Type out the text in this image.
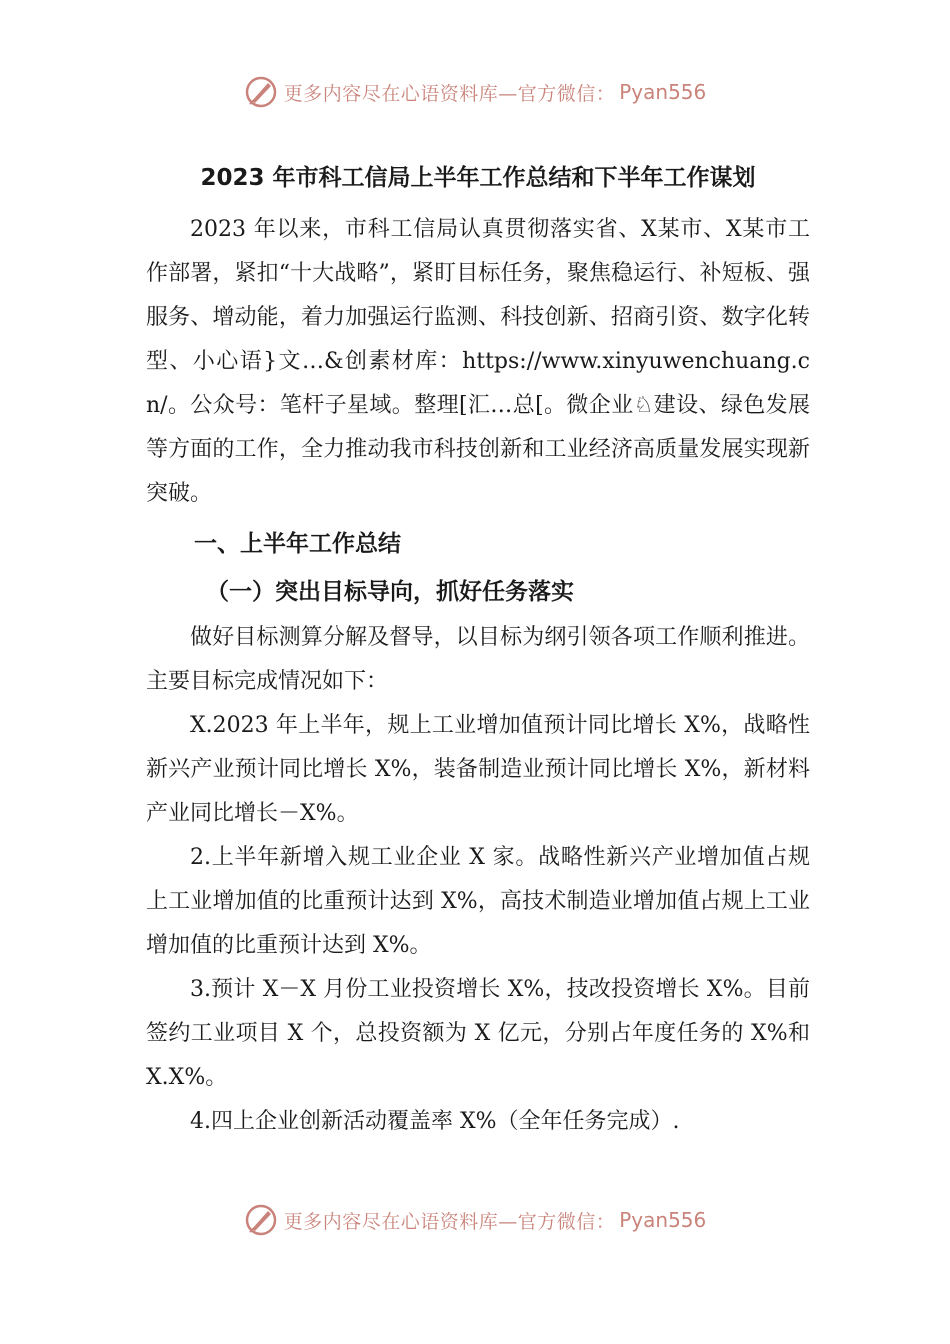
更多内容尽在心语资料库—官方微信： Pyan556
2023 年市科工信局上半年工作总结和下半年工作谋划

2023 年以来，市科工信局认真贯彻落实省、X某市、X某市工作部署，紧扣“十大战略”，紧盯目标任务，聚焦稳运行、补短板、强服务、增动能，着力加强运行监测、科技创新、招商引资、数字化转型、小心语}文…&创素材库：https://www.xinyuwenchuang.cn/。公众号：笔杆子星域。整理[汇…总[。微企业♘建设、绿色发展等方面的工作，全力推动我市科技创新和工业经济高质量发展实现新突破。

一、上半年工作总结
（一）突出目标导向，抓好任务落实

做好目标测算分解及督导，以目标为纲引领各项工作顺利推进。主要目标完成情况如下：

X.2023 年上半年，规上工业增加值预计同比增长 X%，战略性新兴产业预计同比增长 X%，装备制造业预计同比增长 X%，新材料产业同比增长－X%。

2.上半年新增入规工业企业 X 家。战略性新兴产业增加值占规上工业增加值的比重预计达到 X%，高技术制造业增加值占规上工业增加值的比重预计达到 X%。

3.预计 X－X 月份工业投资增长 X%，技改投资增长 X%。目前签约工业项目 X 个，总投资额为 X 亿元，分别占年度任务的 X%和 X.X%。

4.四上企业创新活动覆盖率 X%（全年任务完成）.

更多内容尽在心语资料库—官方微信： Pyan556
